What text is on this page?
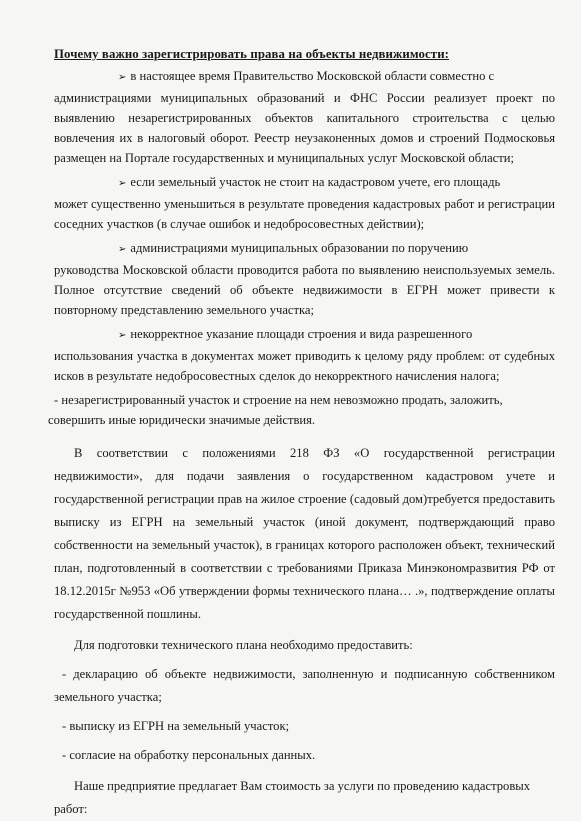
Почему важно зарегистрировать права на объекты недвижимости:
➢ в настоящее время Правительство Московской области совместно с
администрациями муниципальных образований и ФНС России реализует проект по выявлению незарегистрированных объектов капитального строительства с целью вовлечения их в налоговый оборот. Реестр неузаконенных домов и строений Подмосковья размещен на Портале государственных и муниципальных услуг Московской области;
➢ если земельный участок не стоит на кадастровом учете, его площадь
может существенно уменьшиться в результате проведения кадастровых работ и регистрации соседних участков (в случае ошибок и недобросовестных действии);
➢ администрациями муниципальных образовании по поручению
руководства Московской области проводится работа по выявлению неиспользуемых земель. Полное отсутствие сведений об объекте недвижимости в ЕГРН может привести к повторному представлению земельного участка;
➢ некорректное указание площади строения и вида разрешенного
использования участка в документах может приводить к целому ряду проблем: от судебных исков в результате недобросовестных сделок до некорректного начисления налога;
- незарегистрированный участок и строение на нем невозможно продать, заложить,
совершить иные юридически значимые действия.

В соответствии с положениями 218 ФЗ «О государственной регистрации недвижимости», для подачи заявления о государственном кадастровом учете и государственной регистрации прав на жилое строение (садовый дом)требуется предоставить выписку из ЕГРН на земельный участок (иной документ, подтверждающий право собственности на земельный участок), в границах которого расположен объект, технический план, подготовленный в соответствии с требованиями Приказа Минэкономразвития РФ от 18.12.2015г №953 «Об утверждении формы технического плана… .», подтверждение оплаты государственной пошлины.

Для подготовки технического плана необходимо предоставить:

- декларацию об объекте недвижимости, заполненную и подписанную собственником земельного участка;

- выписку из ЕГРН на земельный участок;

- согласие на обработку персональных данных.

Наше предприятие предлагает Вам стоимость за услуги по проведению кадастровых работ:
